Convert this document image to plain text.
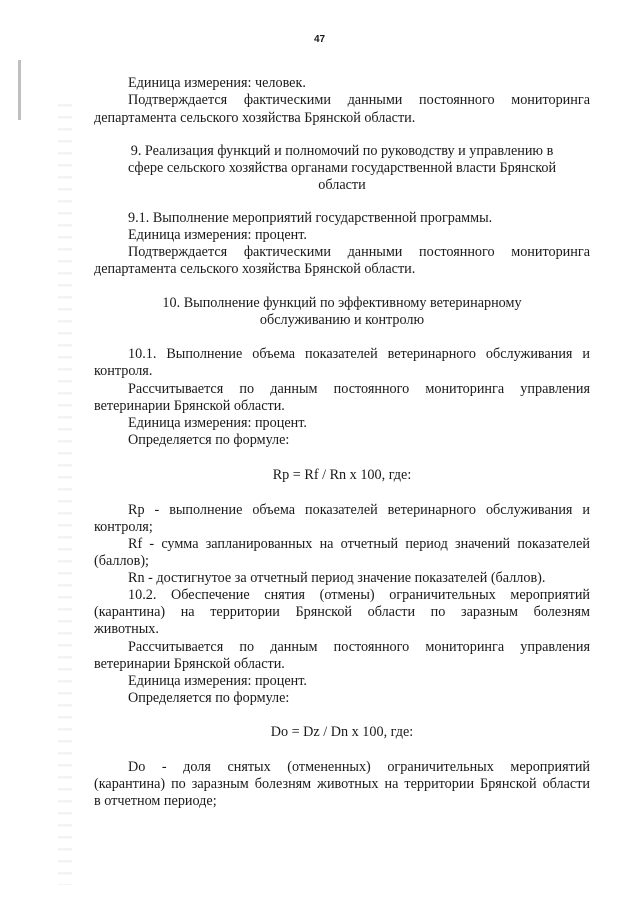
47

Единица измерения: человек.

Подтверждается фактическими данными постоянного мониторинга

департамента сельского хозяйства Брянской области.

9. Реализация функций и полномочий по руководству и управлению в

сфере сельского хозяйства органами государственной власти Брянской

области

9.1. Выполнение мероприятий государственной программы.

Единица измерения: процент.

Подтверждается фактическими данными постоянного мониторинга

департамента сельского хозяйства Брянской области.

10. Выполнение функций по эффективному ветеринарному

обслуживанию и контролю

10.1. Выполнение объема показателей ветеринарного обслуживания и

контроля.

Рассчитывается по данным постоянного мониторинга управления

ветеринарии Брянской области.

Единица измерения: процент.

Определяется по формуле:

Rp = Rf / Rn x 100, где:

Rp - выполнение объема показателей ветеринарного обслуживания и

контроля;

Rf - сумма запланированных на отчетный период значений показателей

(баллов);

Rn - достигнутое за отчетный период значение показателей (баллов).

10.2. Обеспечение снятия (отмены) ограничительных мероприятий

(карантина) на территории Брянской области по заразным болезням

животных.

Рассчитывается по данным постоянного мониторинга управления

ветеринарии Брянской области.

Единица измерения: процент.

Определяется по формуле:

Do = Dz / Dn x 100, где:

Do - доля снятых (отмененных) ограничительных мероприятий

(карантина) по заразным болезням животных на территории Брянской области

в отчетном периоде;
